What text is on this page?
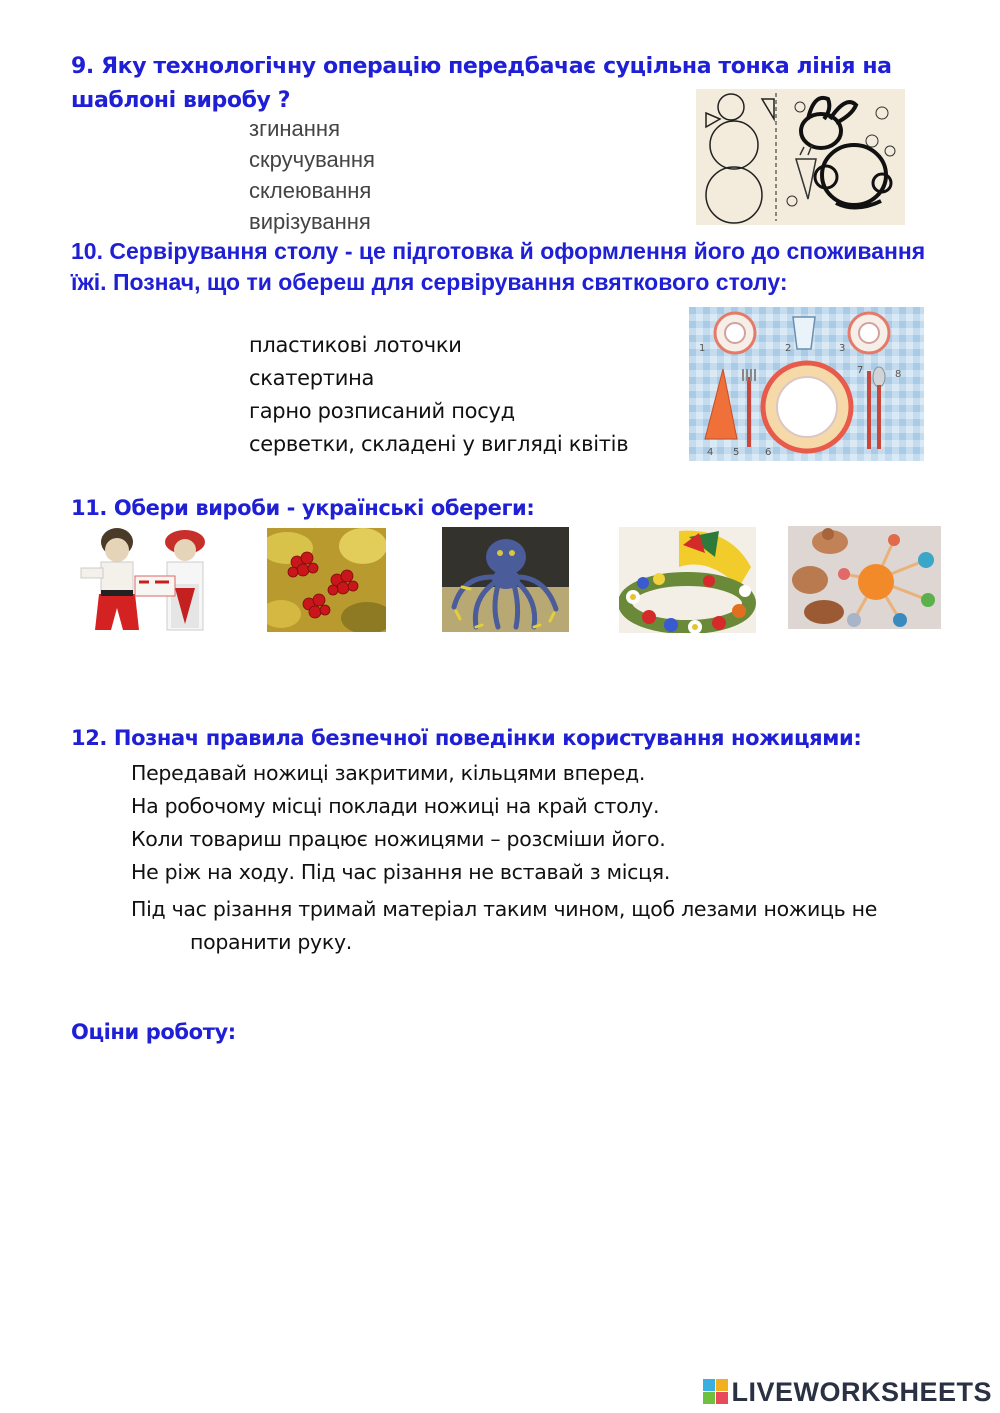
9. Яку технологічну операцію передбачає суцільна тонка лінія на шаблоні виробу ?
згинання
скручування
склеювання
вирізування
10. Сервірування столу - це підготовка й оформлення його до споживання їжі. Познач, що ти обереш для сервірування святкового столу:
пластикові лоточки
скатертина
гарно розписаний посуд
серветки, складені у вигляді квітів
1	2	3
4 5	6
7	8
11. Обери вироби - українські обереги:
12. Познач правила безпечної поведінки користування ножицями:
Передавай ножиці закритими, кільцями вперед.
На робочому місці поклади ножиці на край столу.
Коли товариш працює ножицями – розсміши його.
Не ріж на ходу. Під час різання не вставай з місця.
Під час різання тримай матеріал таким чином, щоб лезами ножиць не
поранити руку.
Оціни роботу:
LIVEWORKSHEETS
